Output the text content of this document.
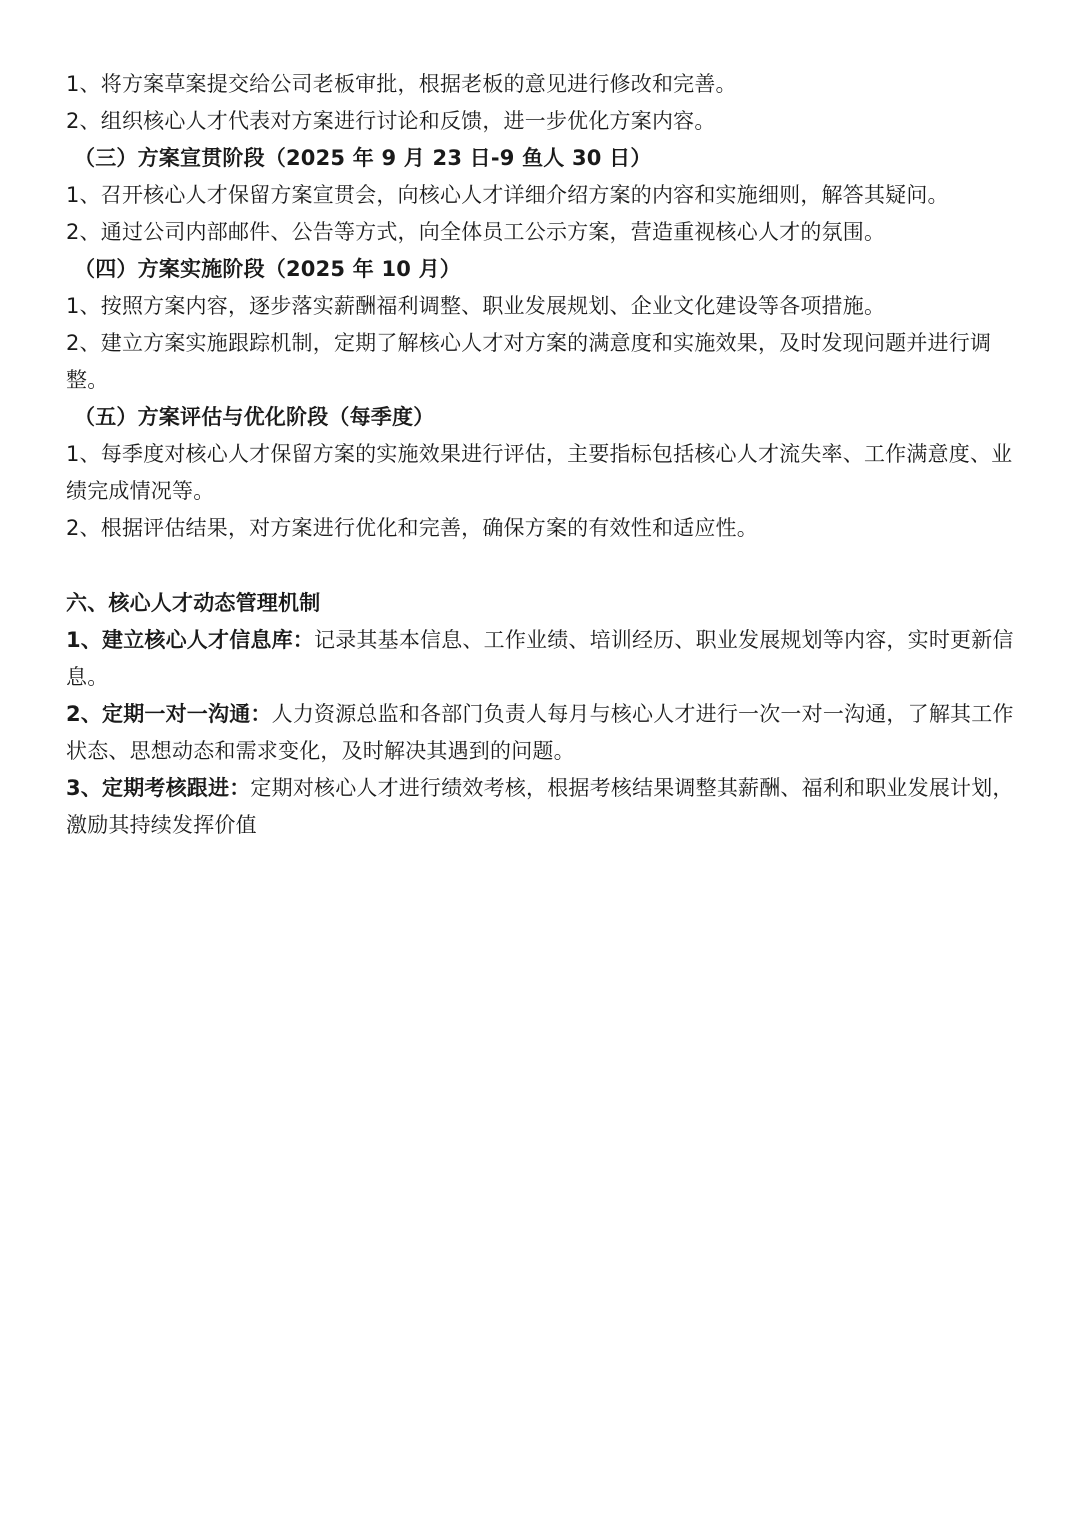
1、将方案草案提交给公司老板审批，根据老板的意见进行修改和完善。

2、组织核心人才代表对方案进行讨论和反馈，进一步优化方案内容。

（三）方案宣贯阶段（2025 年 9 月 23 日-9 鱼人 30 日）

1、召开核心人才保留方案宣贯会，向核心人才详细介绍方案的内容和实施细则，解答其疑问。

2、通过公司内部邮件、公告等方式，向全体员工公示方案，营造重视核心人才的氛围。

（四）方案实施阶段（2025 年 10 月）

1、按照方案内容，逐步落实薪酬福利调整、职业发展规划、企业文化建设等各项措施。

2、建立方案实施跟踪机制，定期了解核心人才对方案的满意度和实施效果，及时发现问题并进行调整。

（五）方案评估与优化阶段（每季度）

1、每季度对核心人才保留方案的实施效果进行评估，主要指标包括核心人才流失率、工作满意度、业绩完成情况等。

2、根据评估结果，对方案进行优化和完善，确保方案的有效性和适应性。

六、核心人才动态管理机制

1、建立核心人才信息库：记录其基本信息、工作业绩、培训经历、职业发展规划等内容，实时更新信息。

2、定期一对一沟通：人力资源总监和各部门负责人每月与核心人才进行一次一对一沟通，了解其工作状态、思想动态和需求变化，及时解决其遇到的问题。

3、定期考核跟进：定期对核心人才进行绩效考核，根据考核结果调整其薪酬、福利和职业发展计划，激励其持续发挥价值
